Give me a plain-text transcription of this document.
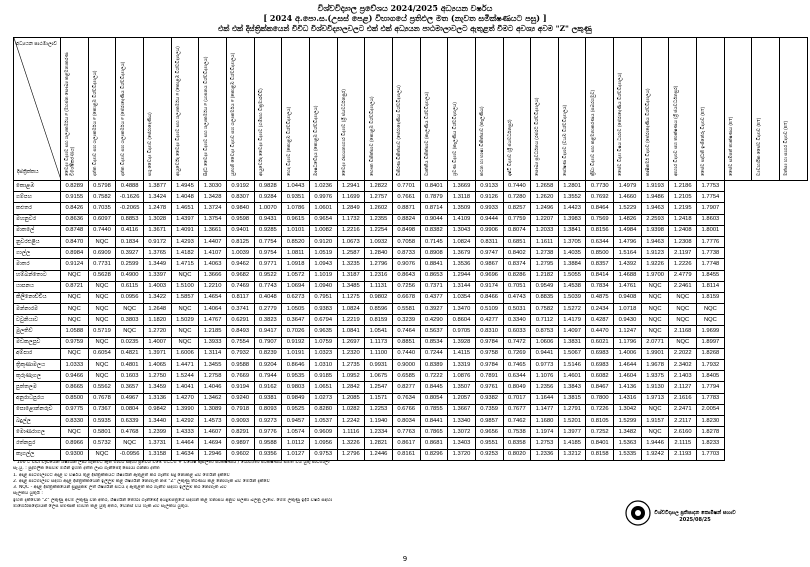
විශ්වවිද්‍යාල ප්‍රවේශය 2024/2025 අධ්‍යයන වර්ෂය
[ 2024 අ.පො.ස.(උසස් පෙළ) විභාගයේ ප්‍රතිඵල මත (නැවත සමීක්ෂණයට පසු) ]
එක් එක් දිස්ත්‍රික්කයෙන් විවිධ විශ්වවිද්‍යාලවලට එක් එක් අධ්‍යයන පාඨමාලාවලට ඇතුළත් වීමට අවශ්‍ය අවම "Z" ලකුණු
අධ්‍යයන පාඨමාලාව
දිස්ත්‍රික්කය	වෛද්‍ය විද්‍යාව සහ ශල්‍යකර්මය # (මහජන සෞඛ්‍ය කළමනාකරණ විශේෂීකරණය)	දන්ත විද්‍යාව සහ ශල්‍යකර්මය # (කොළඹ විශ්වවිද්‍යාලය)	දන්ත විද්‍යාව සහ ශල්‍යකර්මය # (පේරාදෙණිය විශ්වවිද්‍යාලය)	පශු වෛද්‍ය විද්‍යාව (පේරාදෙණිය)	ආයුර්වේද වෛද්‍ය විද්‍යාව සහ ශල්‍යකර්මය # (කොළඹ විශ්වවිද්‍යාලය)	සිද්ධ වෛද්‍ය විද්‍යාව සහ ශල්‍යකර්මය # (යාපනය විශ්වවිද්‍යාලය)	යුනානි වෛද්‍ය විද්‍යාව සහ ශල්‍යකර්මය # (කොළඹ විශ්වවිද්‍යාලය)	ආයුර්වේද වෛද්‍ය විද්‍යාව (ගම්පහ වික්‍රමාරච්චි)	හෙද විද්‍යාව (කොළඹ විශ්වවිද්‍යාලය)	ඖෂධවේදය (කොළඹ විශ්වවිද්‍යාලය)	වෛද්‍ය රසායනාගාර විද්‍යාව (ශ්‍රී ජයවර්ධනපුර)	භෞත චිකිත්සාව (කොළඹ විශ්වවිද්‍යාලය)	විකිරණ චිකිත්සාව (පේරාදෙණිය විශ්වවිද්‍යාලය)	වෘත්තීය චිකිත්සාව (කැලණිය විශ්වවිද්‍යාලය)	ශ්‍රවණ විද්‍යාව (කැලණිය විශ්වවිද්‍යාලය)	කථන හා භාෂා චිකිත්සාව (කැලණිය)	දෘෂ්ටි විද්‍යාව (ශ්‍රී ජයවර්ධනපුර)	සෞඛ්‍ය ප්‍රවර්ධනය (රජරට විශ්වවිද්‍යාලය)	පෝෂණ විද්‍යාව (වයඹ විශ්වවිද්‍යාලය)	ක්‍රීඩා විද්‍යාව සහ කළමනාකරණය (සබරගමුව)	ජෛව විද්‍යා විෂය ධාරාව (පේරාදෙණිය විශ්වවිද්‍යාලය)	කෘෂිකර්ම විද්‍යාව (පේරාදෙණිය විශ්වවිද්‍යාලය)	ආහාර විද්‍යාව සහ තාක්ෂණය (ශ්‍රී ජයවර්ධනපුර)	ජෛව පද්ධති ඉංජිනේරු විද්‍යාව (ET)	ජෛව සම්පත් තාක්ෂණය (ET)	ව්‍යවහාරික ජෛව විද්‍යාව (ET)	මත්ස්‍ය හා සාගර විද්‍යාව (ET)
කොළඹ	0.8289	0.5798	0.4888	1.3877	1.4945	1.3030	0.9192	0.9828	1.0443	1.0236	1.2941	1.2822	0.7701	0.8401	1.3669	0.9133	0.7440	1.2658	1.2801	0.7730	1.4979	1.9193	1.2186	1.7753			
ගම්පහ	0.9155	0.7582	-0.1626	1.3424	1.4048	1.3428	0.8307	0.9284	0.9351	0.9976	1.1699	1.2757	0.7661	0.7879	1.3118	0.9126	0.7280	1.2620	1.3552	0.7692	1.4660	1.9486	1.2105	1.7754			
කළුතර	0.8426	0.7035	-0.2065	1.2478	1.4651	1.3724	0.9840	1.0070	1.0786	1.0601	1.2849	1.2602	0.8871	0.8714	1.3509	0.9933	0.8257	1.2496	1.4423	0.8464	1.5229	1.9463	1.2195	1.7907			
මහනුවර	0.8636	0.6097	0.8853	1.3028	1.4397	1.3754	0.9598	0.9431	0.9615	0.9654	1.1732	1.2355	0.8824	0.9044	1.4109	0.9444	0.7759	1.2207	1.3983	0.7569	1.4826	2.2593	1.2418	1.8603			
මාතලේ	0.8748	0.7440	0.4116	1.3671	1.4091	1.3661	0.9401	0.9285	1.0101	1.0082	1.2216	1.2254	0.8498	0.8382	1.3043	0.9906	0.8074	1.2033	1.3841	0.8156	1.4984	1.9398	1.2408	1.8001			
නුවරඑළිය	0.8470	NQC	0.1834	0.9172	1.4293	1.4407	0.8125	0.7754	0.8520	0.9120	1.0673	1.0932	0.7058	0.7145	1.0824	0.8311	0.6851	1.1611	1.3705	0.6344	1.4796	1.9463	1.2308	1.7776			
ගාල්ල	0.8984	0.6909	0.3927	1.3765	1.4182	1.4107	1.0039	0.9754	1.0811	1.0519	1.2587	1.2840	0.8733	0.8908	1.3679	0.9747	0.8402	1.2738	1.4035	0.8500	1.5164	1.9123	2.1197	1.7738			
මාතර	0.9124	0.7731	0.2599	1.3449	1.4715	1.4063	0.9462	0.9771	1.0918	1.0943	1.3235	1.2796	0.9076	0.8841	1.3536	0.9867	0.8374	1.2795	1.3884	0.8357	1.4392	1.9226	1.2226	1.7748			
හම්බන්තොට	NQC	0.5628	0.4900	1.3397	NQC	1.3666	0.9682	0.9522	1.0572	1.1019	1.3187	1.2316	0.8643	0.8653	1.2944	0.9696	0.8286	1.2182	1.5055	0.8414	1.4688	1.9700	2.4779	1.8455			
යාපනය	0.8721	NQC	0.6115	1.4003	1.5100	1.2210	0.7469	0.7743	1.0694	1.0940	1.3485	1.1131	0.7256	0.7371	1.3144	0.9174	0.7051	0.9549	1.4538	0.7834	1.4761	NQC	2.2461	1.8114			
කිලිනොච්චිය	NQC	NQC	0.0956	1.3422	1.5857	1.4654	0.8117	0.4048	0.6273	0.7951	1.1275	0.9802	0.6678	0.4377	1.0354	0.8466	0.4743	0.8835	1.5039	0.4875	0.9408	NQC	NQC	1.8159			
මන්නාරම	NQC	NQC	NQC	1.2648	NQC	1.4064	0.3741	0.2779	1.0505	0.9383	1.0824	0.8596	0.5581	0.3927	1.3470	0.5109	0.5031	0.7582	1.5272	0.2434	1.0718	NQC	NQC	NQC			
වවුනියාව	NQC	NQC	0.3803	1.1820	1.5029	1.4767	0.6291	0.3823	0.3647	0.6794	1.2219	0.8159	0.3239	0.4290	0.8604	0.4277	0.3340	0.7112	1.4179	0.4287	0.9430	NQC	NQC	NQC			
මුලතිව්	1.0588	0.5719	NQC	1.2720	NQC	1.2185	0.8493	0.9417	0.7026	0.9635	1.0841	1.0541	0.7464	0.5637	0.9705	0.8310	0.6033	0.8753	1.4097	0.4470	1.1247	NQC	2.1168	1.9699			
මඩකලපුව	0.9759	NQC	0.0235	1.4007	NQC	1.3933	0.7554	0.7907	0.9192	1.0759	1.2697	1.1173	0.8851	0.8534	1.3928	0.9784	0.7472	1.0606	1.3831	0.6021	1.1796	2.0771	NQC	1.8997			
අම්පාර	NQC	0.6054	0.4821	1.3971	1.6006	1.3114	0.7932	0.8239	1.0191	1.0323	1.2320	1.1100	0.7440	0.7244	1.4115	0.9758	0.7269	0.9441	1.5067	0.6983	1.4006	1.9901	2.2022	1.8268			
ත්‍රිකුණාමලය	1.0333	NQC	0.4801	1.4065	1.4471	1.3455	0.9588	0.9204	0.8646	1.0310	1.2735	0.9931	0.9000	0.8389	1.3319	0.9784	0.7465	0.9773	1.5146	0.6983	1.4644	1.9678	2.3402	1.7932			
කුරුණෑගල	0.9466	NQC	0.1603	1.2750	1.5244	1.2758	0.7669	0.7944	0.9535	0.9185	1.0952	1.0675	0.6585	0.7222	1.0876	0.7891	0.6344	1.1076	1.4601	0.6082	1.4604	1.9375	2.1403	1.8405			
පුත්තලම	0.8665	0.5562	0.3657	1.3459	1.4041	1.4046	0.9194	0.9162	0.9803	1.0651	1.2842	1.2547	0.8277	0.8445	1.3507	0.9761	0.8049	1.2356	1.3843	0.8467	1.4136	1.9130	2.1127	1.7794			
අනුරාධපුරය	0.8500	0.7678	0.4967	1.3136	1.4270	1.3462	0.9240	0.9381	0.9849	1.0273	1.2085	1.1571	0.7634	0.8054	1.2057	0.9382	0.7017	1.1644	1.3815	0.7800	1.4316	1.9713	2.1616	1.7783			
පොළොන්නරුව	0.9775	0.7367	0.0804	0.9842	1.3990	1.3089	0.7918	0.8093	0.9525	0.8280	1.0282	1.2253	0.6766	0.7855	1.3667	0.7359	0.7677	1.1477	1.2791	0.7226	1.3042	NQC	2.2471	2.0054			
බදුල්ල	0.8330	0.5935	0.6339	1.3440	1.4292	1.4573	0.9093	0.9273	0.9457	1.0537	1.2242	1.1940	0.8034	0.8441	1.3340	0.9857	0.7462	1.1680	1.5201	0.8105	1.5299	1.9157	2.2117	1.8230			
මොණරාගල	NQC	0.5801	0.4768	1.2399	1.4333	1.4607	0.8291	0.9776	1.0574	0.9609	1.1116	1.2334	0.7763	0.7865	1.3072	0.9656	0.7538	1.1974	1.3977	0.7252	1.3482	NQC	2.6160	1.8278			
රත්නපුර	0.8966	0.5732	NQC	1.3731	1.4464	1.4694	0.9897	0.9588	1.0112	1.0956	1.3226	1.2821	0.8617	0.8681	1.3403	0.9551	0.8358	1.2753	1.4185	0.8401	1.5363	1.9446	2.1115	1.8233			
කෑගල්ල	0.9300	NQC	-0.0956	1.3158	1.4634	1.2946	0.9602	0.9356	1.0127	0.9753	1.2796	1.2446	0.8161	0.8296	1.3720	0.9253	0.8020	1.2336	1.3212	0.8158	1.5335	1.9242	2.1193	1.7703			
* 100 ට වඩා වැඩියෙන් ශිෂ්‍යයන් ලබා ගැනීමට ඇති මාර්ග සඳහා ප්‍රවේශ වීමේ මට්ටම # විශේෂ කුසලතා පරීක්ෂණය / යෝග්‍යතා පරීක්ෂණය සමත් විය යුතු පාඨමාලා
සැ.යු. : පුද්ගලික සෙවීම් මගින් ඉහත දත්ත ලබා ගැනීමේදී සොයා ගන්නා දත්ත
1. අදාළ පාඨමාලාවට අදාළ ව වර්ෂය තුළ දිස්ත්‍රික්කයට ශිෂ්‍යයින් ඇතුළත් කර ගැනීම සිදු නොකළ බව මෙයින් දැක්වේ
2. අදාළ පාඨමාලාව සඳහා අදාළ දිස්ත්‍රික්කයෙන් ඉල්ලුම් කළ ශිෂ්‍යයින් නොමැති නම් "Z" ලකුණු තීරණය කළ නොහැකි බව මෙයින් දැක්වේ
3. NQC - අදාළ දිස්ත්‍රික්කයෙන් සුදුසුකම් ලත් ශිෂ්‍යයින් සිටිය ද ඇතුළත් කර ගැනීම සඳහා ඉල්ලුම් කර නොමැති බව
සැලකිය යුතුයි :
ඉහත දැක්වෙන "Z" ලකුණු අවම ලකුණු වන අතර, ශිෂ්‍යයින් තෝරා ගැනීමේදී අයදුම්පත්‍රයේ සඳහන් කළ මනාපය අනුව සලකා බලනු ලැබේ. මෙම ලකුණු ඉදිරි වර්ෂ සඳහා
මාර්ගෝපදේශයක් ලෙස පමණක් භාවිත කළ යුතු අතර, වෙනස් විය හැකි බව සැලකිය යුතුය.
විශ්වවිද්‍යාල ප්‍රතිපාදන කොමිෂන් සභාව
2025/08/25
9
